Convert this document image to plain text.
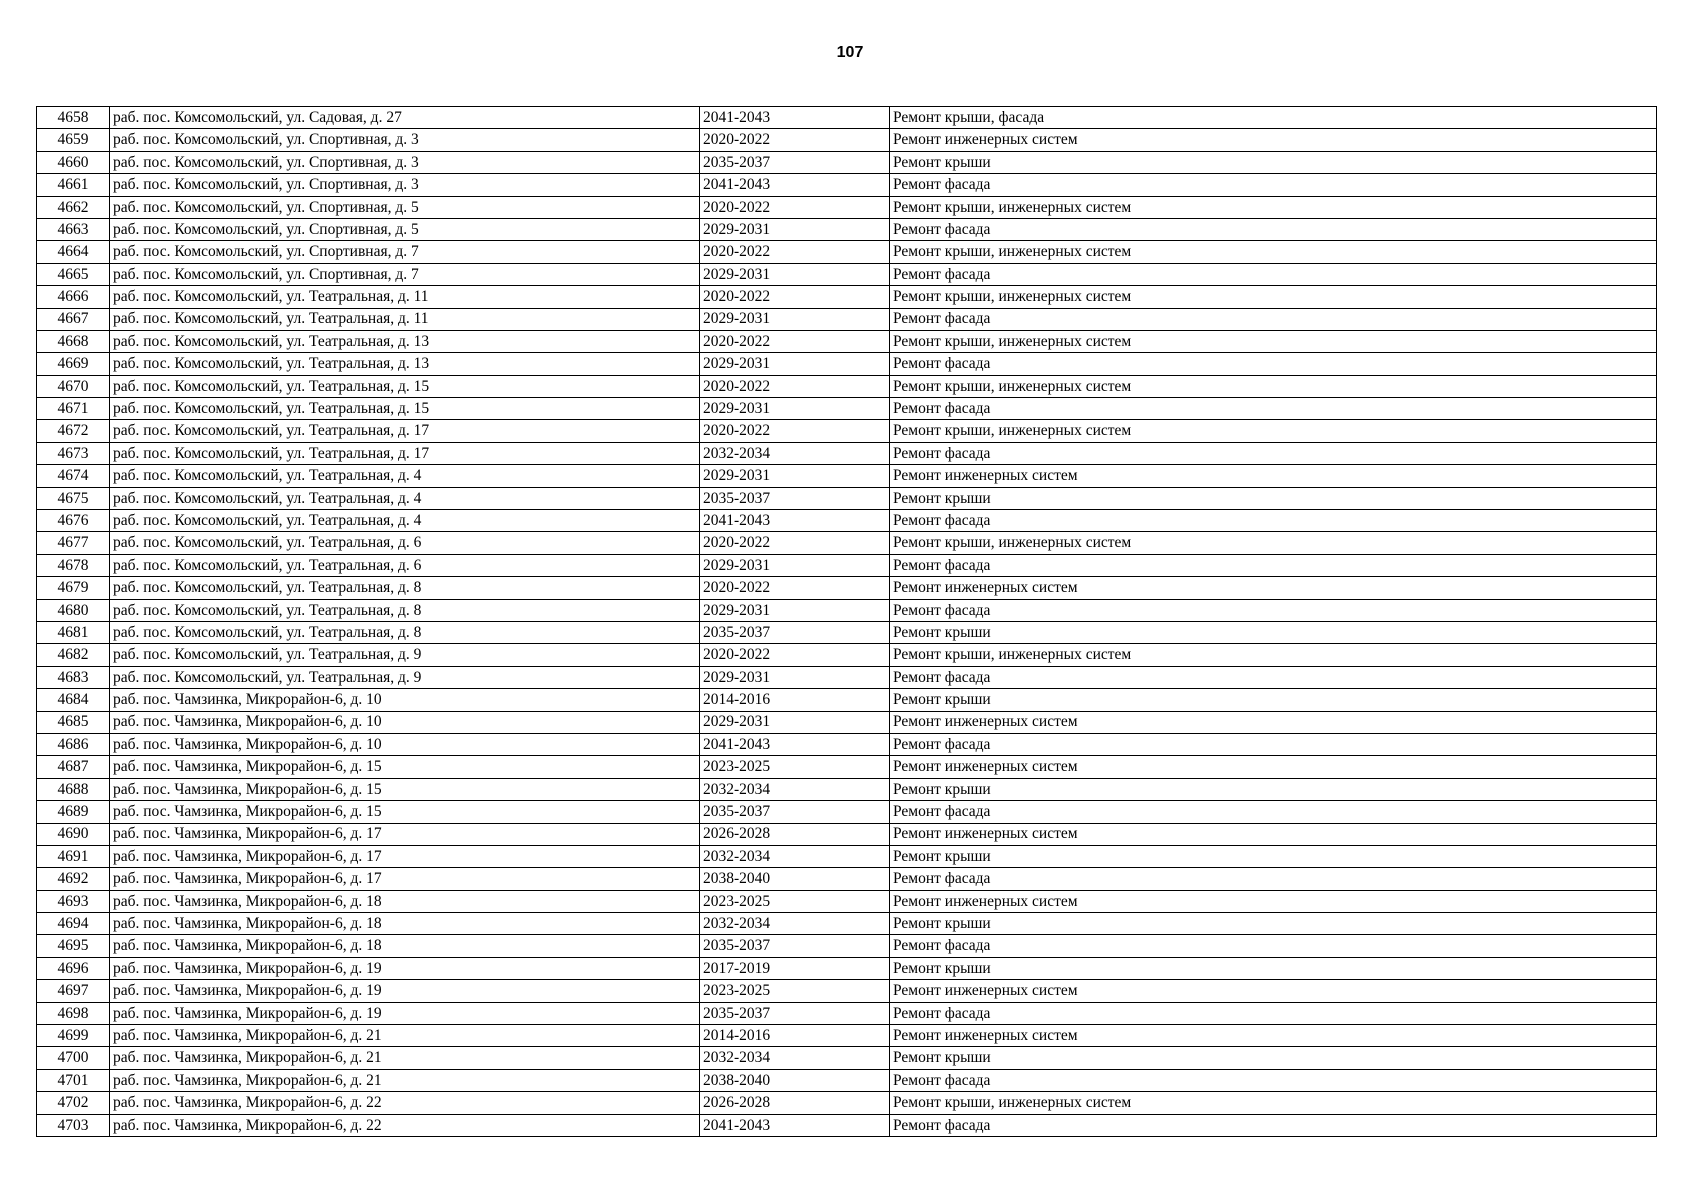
107
4658	раб. пос. Комсомольский, ул. Садовая, д. 27	2041-2043	Ремонт крыши, фасада
4659	раб. пос. Комсомольский, ул. Спортивная, д. 3	2020-2022	Ремонт инженерных систем
4660	раб. пос. Комсомольский, ул. Спортивная, д. 3	2035-2037	Ремонт крыши
4661	раб. пос. Комсомольский, ул. Спортивная, д. 3	2041-2043	Ремонт фасада
4662	раб. пос. Комсомольский, ул. Спортивная, д. 5	2020-2022	Ремонт крыши, инженерных систем
4663	раб. пос. Комсомольский, ул. Спортивная, д. 5	2029-2031	Ремонт фасада
4664	раб. пос. Комсомольский, ул. Спортивная, д. 7	2020-2022	Ремонт крыши, инженерных систем
4665	раб. пос. Комсомольский, ул. Спортивная, д. 7	2029-2031	Ремонт фасада
4666	раб. пос. Комсомольский, ул. Театральная, д. 11	2020-2022	Ремонт крыши, инженерных систем
4667	раб. пос. Комсомольский, ул. Театральная, д. 11	2029-2031	Ремонт фасада
4668	раб. пос. Комсомольский, ул. Театральная, д. 13	2020-2022	Ремонт крыши, инженерных систем
4669	раб. пос. Комсомольский, ул. Театральная, д. 13	2029-2031	Ремонт фасада
4670	раб. пос. Комсомольский, ул. Театральная, д. 15	2020-2022	Ремонт крыши, инженерных систем
4671	раб. пос. Комсомольский, ул. Театральная, д. 15	2029-2031	Ремонт фасада
4672	раб. пос. Комсомольский, ул. Театральная, д. 17	2020-2022	Ремонт крыши, инженерных систем
4673	раб. пос. Комсомольский, ул. Театральная, д. 17	2032-2034	Ремонт фасада
4674	раб. пос. Комсомольский, ул. Театральная, д. 4	2029-2031	Ремонт инженерных систем
4675	раб. пос. Комсомольский, ул. Театральная, д. 4	2035-2037	Ремонт крыши
4676	раб. пос. Комсомольский, ул. Театральная, д. 4	2041-2043	Ремонт фасада
4677	раб. пос. Комсомольский, ул. Театральная, д. 6	2020-2022	Ремонт крыши, инженерных систем
4678	раб. пос. Комсомольский, ул. Театральная, д. 6	2029-2031	Ремонт фасада
4679	раб. пос. Комсомольский, ул. Театральная, д. 8	2020-2022	Ремонт инженерных систем
4680	раб. пос. Комсомольский, ул. Театральная, д. 8	2029-2031	Ремонт фасада
4681	раб. пос. Комсомольский, ул. Театральная, д. 8	2035-2037	Ремонт крыши
4682	раб. пос. Комсомольский, ул. Театральная, д. 9	2020-2022	Ремонт крыши, инженерных систем
4683	раб. пос. Комсомольский, ул. Театральная, д. 9	2029-2031	Ремонт фасада
4684	раб. пос. Чамзинка, Микрорайон-6, д. 10	2014-2016	Ремонт крыши
4685	раб. пос. Чамзинка, Микрорайон-6, д. 10	2029-2031	Ремонт инженерных систем
4686	раб. пос. Чамзинка, Микрорайон-6, д. 10	2041-2043	Ремонт фасада
4687	раб. пос. Чамзинка, Микрорайон-6, д. 15	2023-2025	Ремонт инженерных систем
4688	раб. пос. Чамзинка, Микрорайон-6, д. 15	2032-2034	Ремонт крыши
4689	раб. пос. Чамзинка, Микрорайон-6, д. 15	2035-2037	Ремонт фасада
4690	раб. пос. Чамзинка, Микрорайон-6, д. 17	2026-2028	Ремонт инженерных систем
4691	раб. пос. Чамзинка, Микрорайон-6, д. 17	2032-2034	Ремонт крыши
4692	раб. пос. Чамзинка, Микрорайон-6, д. 17	2038-2040	Ремонт фасада
4693	раб. пос. Чамзинка, Микрорайон-6, д. 18	2023-2025	Ремонт инженерных систем
4694	раб. пос. Чамзинка, Микрорайон-6, д. 18	2032-2034	Ремонт крыши
4695	раб. пос. Чамзинка, Микрорайон-6, д. 18	2035-2037	Ремонт фасада
4696	раб. пос. Чамзинка, Микрорайон-6, д. 19	2017-2019	Ремонт крыши
4697	раб. пос. Чамзинка, Микрорайон-6, д. 19	2023-2025	Ремонт инженерных систем
4698	раб. пос. Чамзинка, Микрорайон-6, д. 19	2035-2037	Ремонт фасада
4699	раб. пос. Чамзинка, Микрорайон-6, д. 21	2014-2016	Ремонт инженерных систем
4700	раб. пос. Чамзинка, Микрорайон-6, д. 21	2032-2034	Ремонт крыши
4701	раб. пос. Чамзинка, Микрорайон-6, д. 21	2038-2040	Ремонт фасада
4702	раб. пос. Чамзинка, Микрорайон-6, д. 22	2026-2028	Ремонт крыши, инженерных систем
4703	раб. пос. Чамзинка, Микрорайон-6, д. 22	2041-2043	Ремонт фасада
